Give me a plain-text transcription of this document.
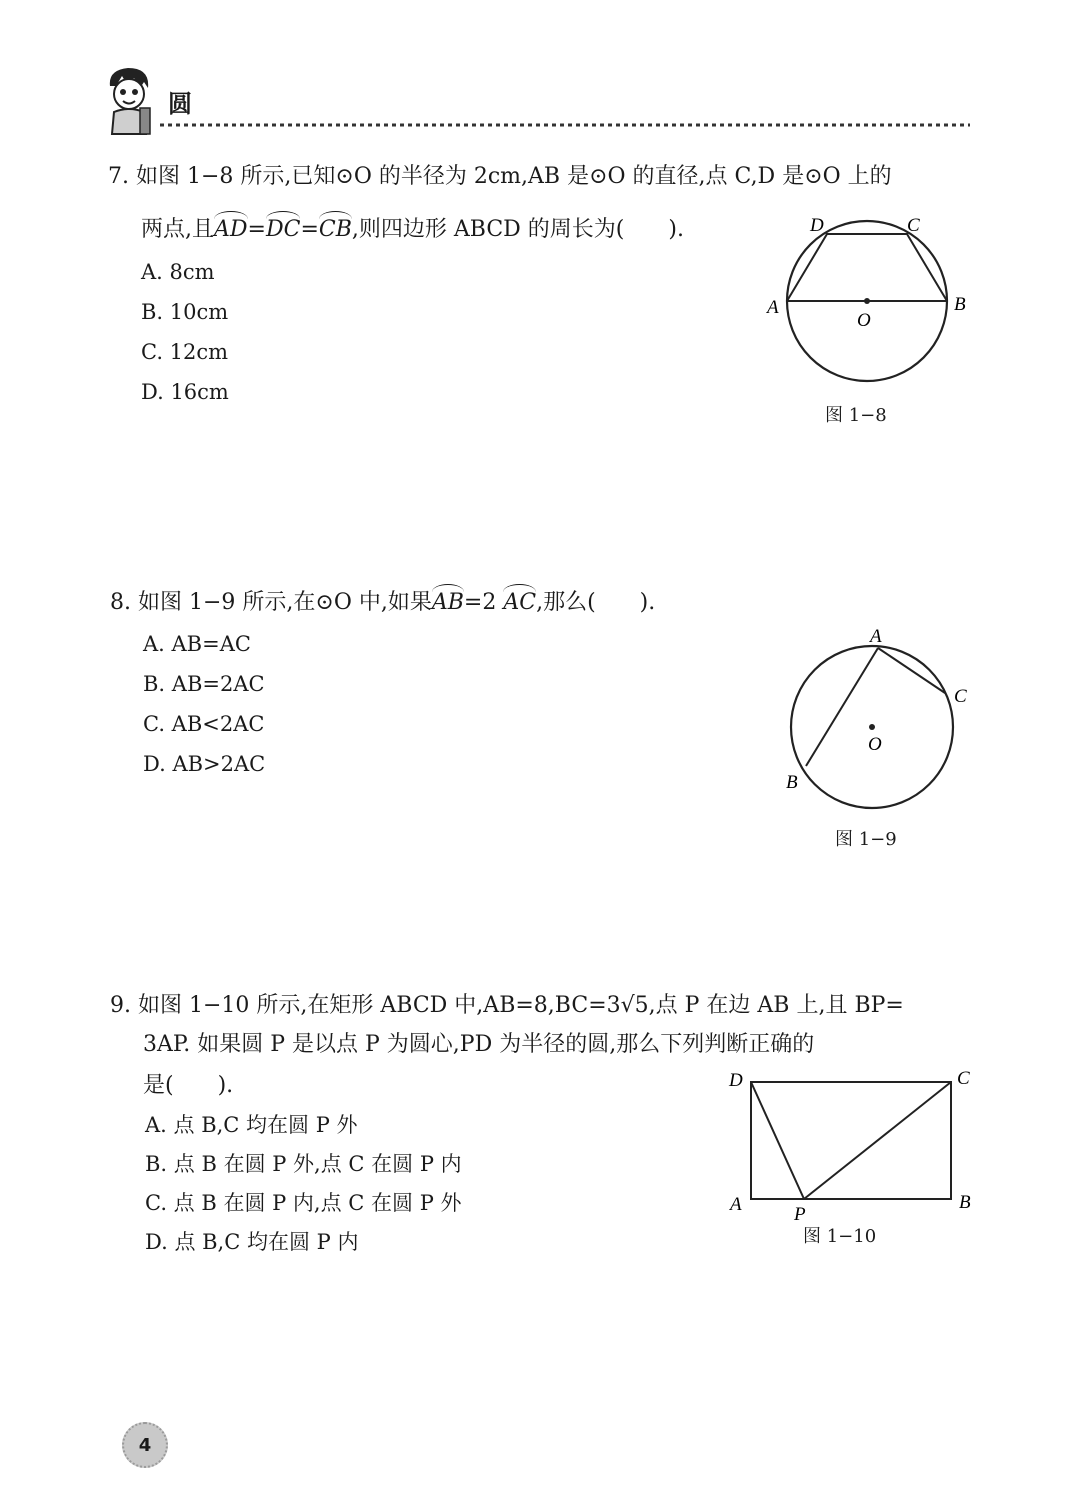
圆
7. 如图 1−8 所示,已知⊙O 的半径为 2cm,AB 是⊙O 的直径,点 C,D 是⊙O 上的
两点,且AD=DC=CB,则四边形 ABCD 的周长为(　　).
A. 8cm
B. 10cm
C. 12cm
D. 16cm
D	C
A	B
O
图 1−8
8. 如图 1−9 所示,在⊙O 中,如果AB=2 AC,那么(　　).
A. AB=AC
B. AB=2AC
C. AB<2AC
D. AB>2AC
A
C
O
B
图 1−9
9. 如图 1−10 所示,在矩形 ABCD 中,AB=8,BC=3√5,点 P 在边 AB 上,且 BP=
3AP. 如果圆 P 是以点 P 为圆心,PD 为半径的圆,那么下列判断正确的
是(　　).
A. 点 B,C 均在圆 P 外
B. 点 B 在圆 P 外,点 C 在圆 P 内
C. 点 B 在圆 P 内,点 C 在圆 P 外
D. 点 B,C 均在圆 P 内
D	C
A	B
P
图 1−10
4
